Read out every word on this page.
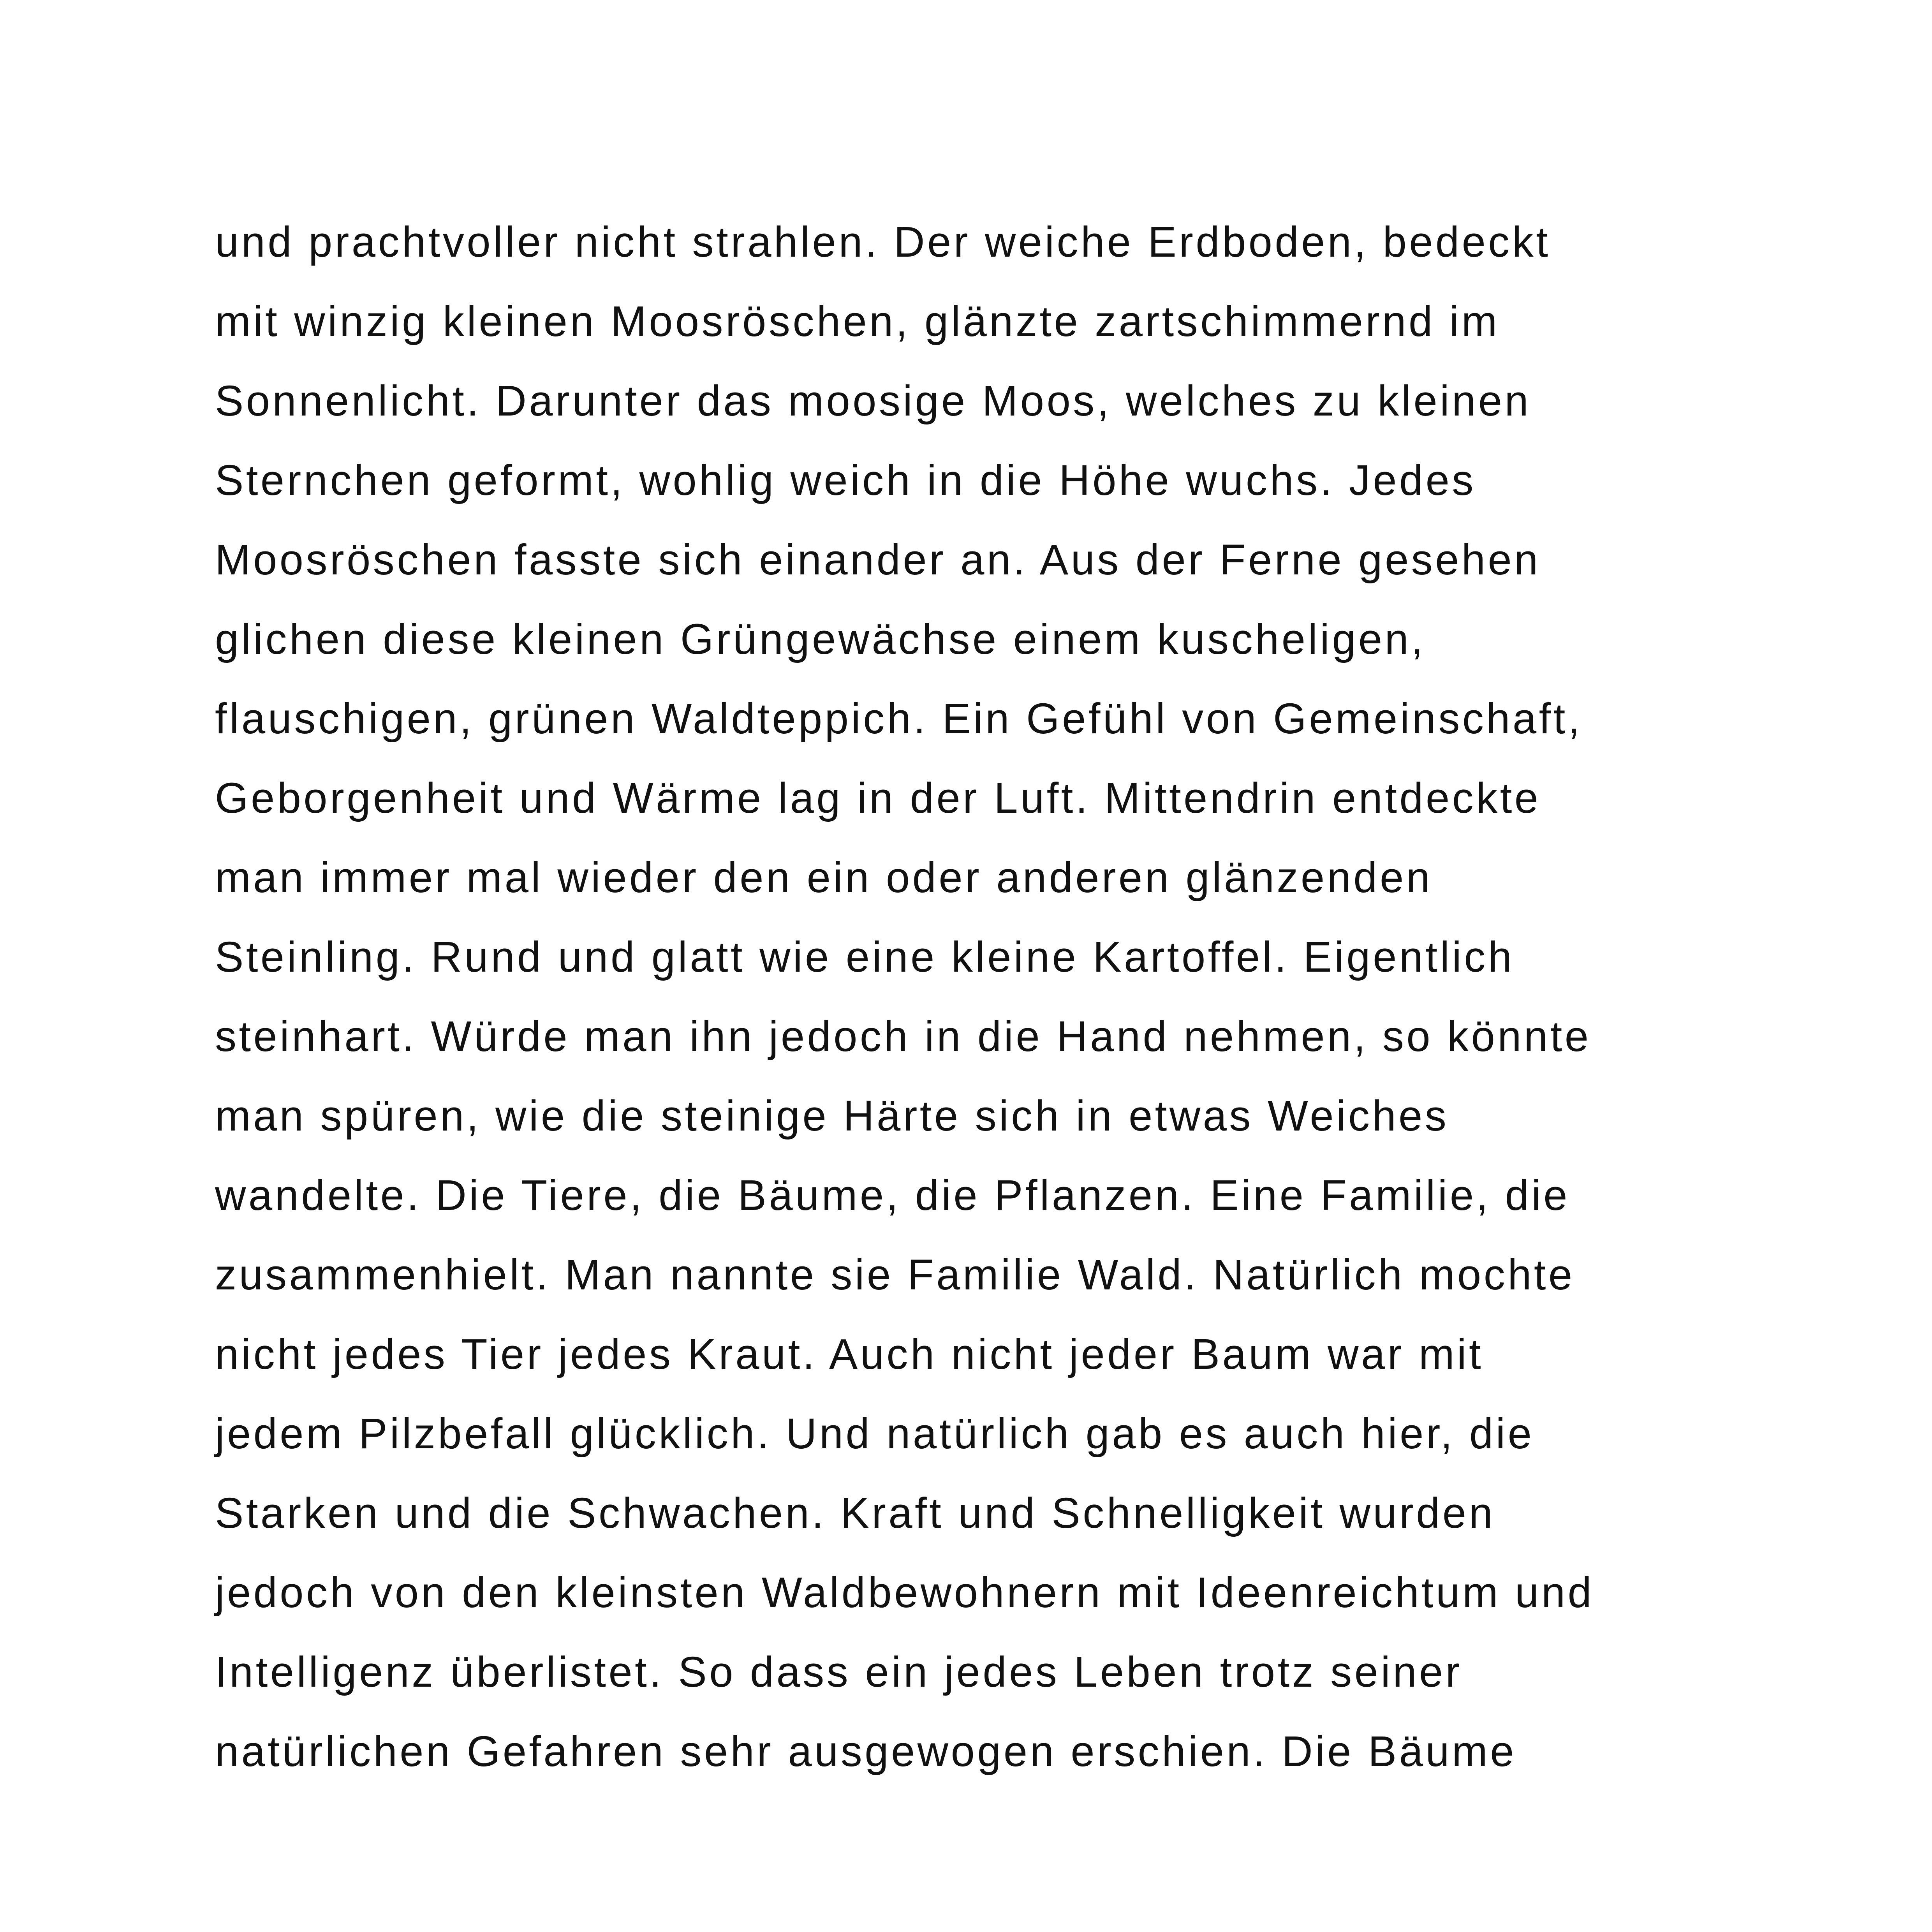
und prachtvoller nicht strahlen. Der weiche Erdboden, bedeckt
mit winzig kleinen Moosröschen, glänzte zartschimmernd im
Sonnenlicht. Darunter das moosige Moos, welches zu kleinen
Sternchen geformt, wohlig weich in die Höhe wuchs. Jedes
Moosröschen fasste sich einander an. Aus der Ferne gesehen
glichen diese kleinen Grüngewächse einem kuscheligen,
flauschigen, grünen Waldteppich. Ein Gefühl von Gemeinschaft,
Geborgenheit und Wärme lag in der Luft. Mittendrin entdeckte
man immer mal wieder den ein oder anderen glänzenden
Steinling. Rund und glatt wie eine kleine Kartoffel. Eigentlich
steinhart. Würde man ihn jedoch in die Hand nehmen, so könnte
man spüren, wie die steinige Härte sich in etwas Weiches
wandelte. Die Tiere, die Bäume, die Pflanzen. Eine Familie, die
zusammenhielt. Man nannte sie Familie Wald. Natürlich mochte
nicht jedes Tier jedes Kraut. Auch nicht jeder Baum war mit
jedem Pilzbefall glücklich. Und natürlich gab es auch hier, die
Starken und die Schwachen. Kraft und Schnelligkeit wurden
jedoch von den kleinsten Waldbewohnern mit Ideenreichtum und
Intelligenz überlistet. So dass ein jedes Leben trotz seiner
natürlichen Gefahren sehr ausgewogen erschien. Die Bäume
